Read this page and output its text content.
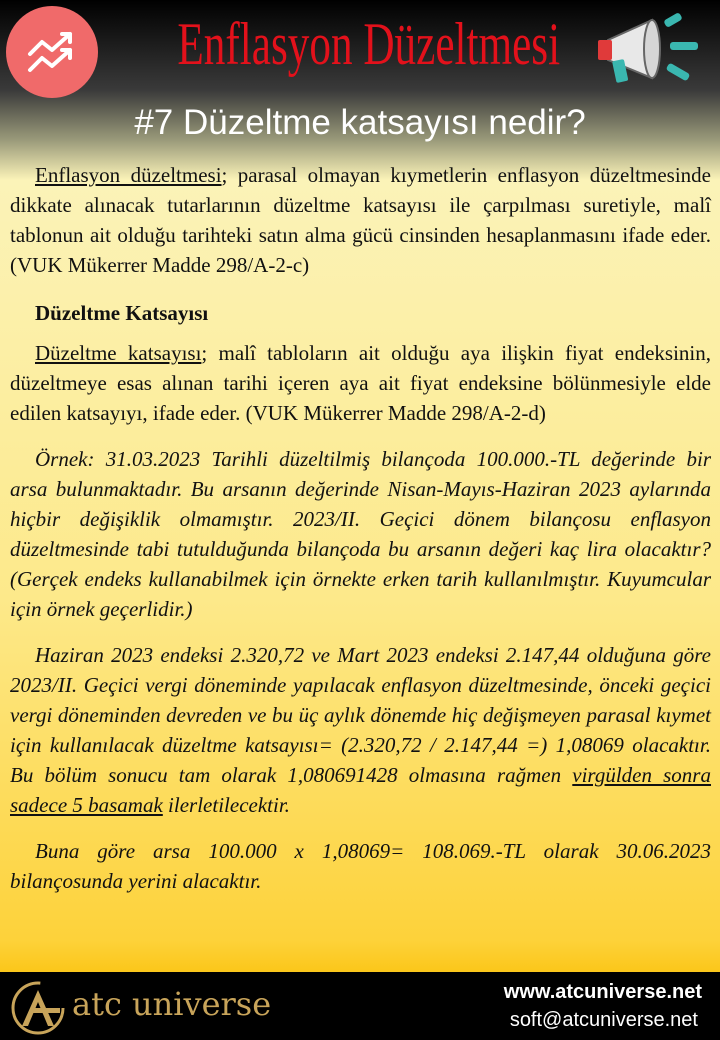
Enflasyon Düzeltmesi
#7 Düzeltme katsayısı nedir?

Enflasyon düzeltmesi; parasal olmayan kıymetlerin enflasyon düzeltmesinde dikkate alınacak tutarlarının düzeltme katsayısı ile çarpılması suretiyle, malî tablonun ait olduğu tarihteki satın alma gücü cinsinden hesaplanmasını ifade eder. (VUK Mükerrer Madde 298/A-2-c)

Düzeltme Katsayısı

Düzeltme katsayısı; malî tabloların ait olduğu aya ilişkin fiyat endeksinin, düzeltmeye esas alınan tarihi içeren aya ait fiyat endeksine bölünmesiyle elde edilen katsayıyı, ifade eder. (VUK Mükerrer Madde 298/A-2-d)

Örnek: 31.03.2023 Tarihli düzeltilmiş bilançoda 100.000.-TL değerinde bir arsa bulunmaktadır. Bu arsanın değerinde Nisan-Mayıs-Haziran 2023 aylarında hiçbir değişiklik olmamıştır. 2023/II. Geçici dönem bilançosu enflasyon düzeltmesinde tabi tutulduğunda bilançoda bu arsanın değeri kaç lira olacaktır? (Gerçek endeks kullanabilmek için örnekte erken tarih kullanılmıştır. Kuyumcular için örnek geçerlidir.)

Haziran 2023 endeksi 2.320,72 ve Mart 2023 endeksi 2.147,44 olduğuna göre 2023/II. Geçici vergi döneminde yapılacak enflasyon düzeltmesinde, önceki geçici vergi döneminden devreden ve bu üç aylık dönemde hiç değişmeyen parasal kıymet için kullanılacak düzeltme katsayısı= (2.320,72 / 2.147,44 =) 1,08069 olacaktır. Bu bölüm sonucu tam olarak 1,080691428 olmasına rağmen virgülden sonra sadece 5 basamak ilerletilecektir.

Buna göre arsa 100.000 x 1,08069= 108.069.-TL olarak 30.06.2023 bilançosunda yerini alacaktır.

atc universe	www.atcuniverse.net
soft@atcuniverse.net
